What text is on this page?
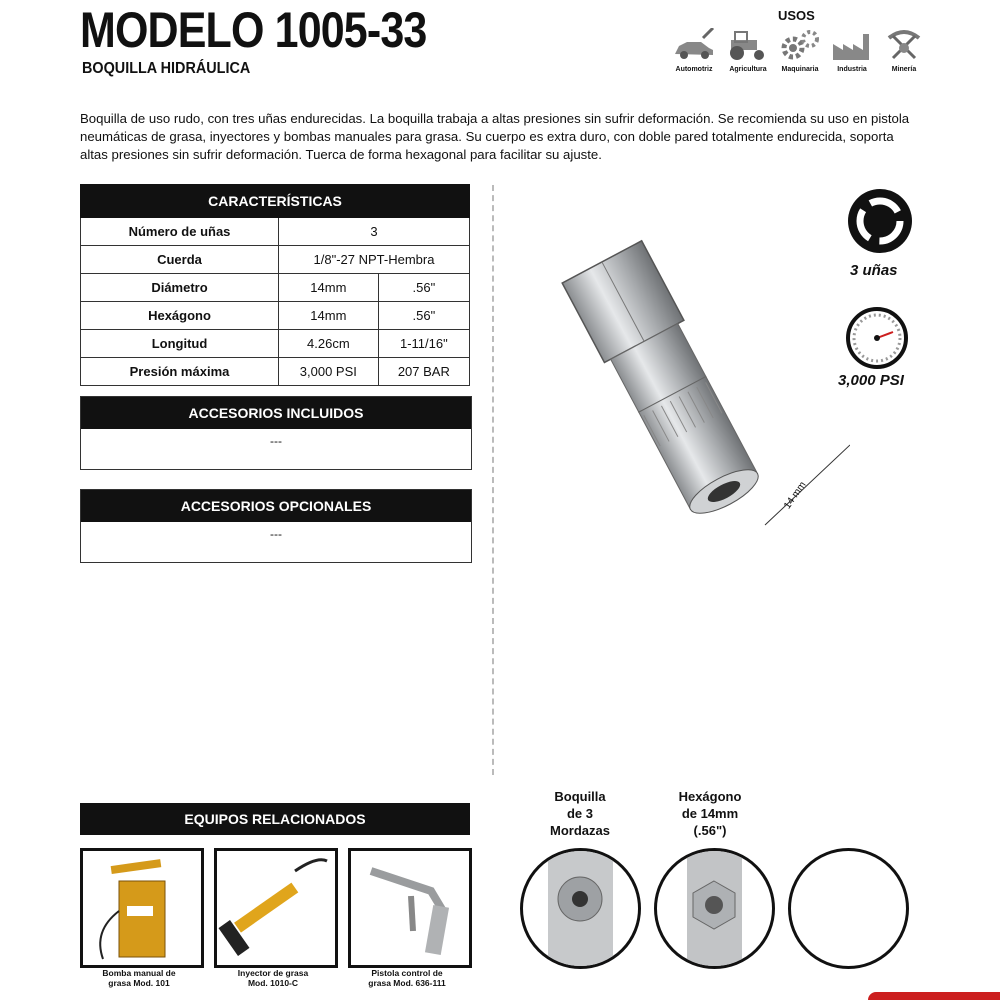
MODELO 1005-33
BOQUILLA HIDRÁULICA
USOS
Automotriz	Agricultura	Maquinaria	Industria	Minería
Boquilla de uso rudo, con tres uñas endurecidas. La boquilla trabaja a altas presiones sin sufrir deformación. Se recomienda su uso en pistola neumáticas de grasa, inyectores y bombas manuales para grasa. Su cuerpo es extra duro, con doble pared totalmente endurecida, soporta altas presiones sin sufrir deformación. Tuerca de forma hexagonal para facilitar su ajuste.
CARACTERÍSTICAS		
Número de uñas	3	
Cuerda	1/8"-27 NPT-Hembra	
Diámetro	14mm	.56"
Hexágono	14mm	.56"
Longitud	4.26cm	1-11/16"
Presión máxima	3,000 PSI	207 BAR
ACCESORIOS INCLUIDOS
---
ACCESORIOS OPCIONALES
---
14 mm
3 uñas
3,000 PSI
EQUIPOS RELACIONADOS
Bomba manual de
grasa Mod. 101
Inyector de grasa
Mod. 1010-C
Pistola control de
grasa Mod. 636-111
Boquilla
de 3
Mordazas
Hexágono
de 14mm
(.56")
